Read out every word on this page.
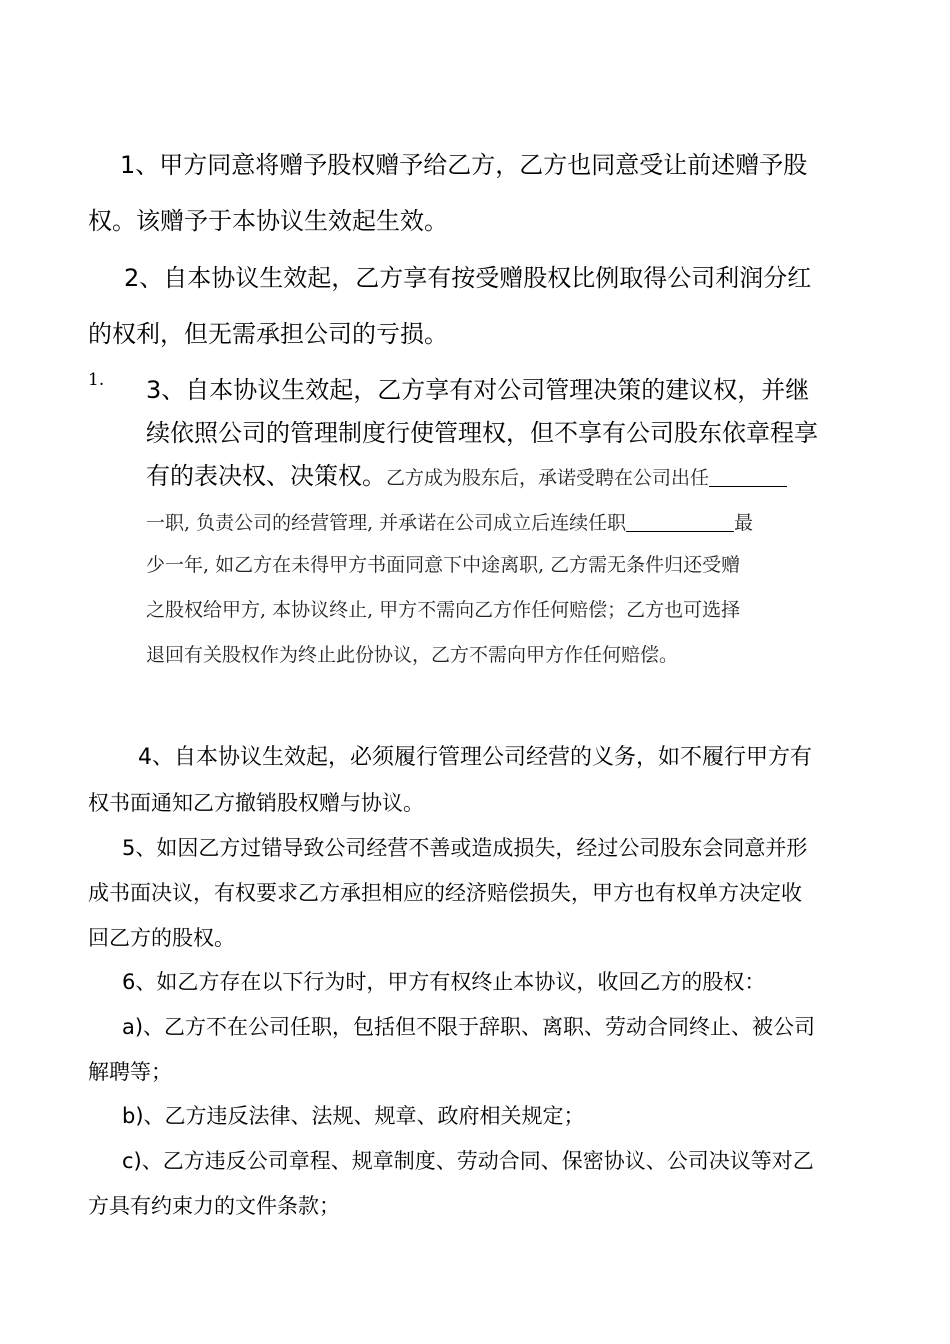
1、甲方同意将赠予股权赠予给乙方，乙方也同意受让前述赠予股

权。该赠予于本协议生效起生效。

2、自本协议生效起，乙方享有按受赠股权比例取得公司利润分红

的权利，但无需承担公司的亏损。

1. 3、自本协议生效起，乙方享有对公司管理决策的建议权，并继

续依照公司的管理制度行使管理权，但不享有公司股东依章程享

有的表决权、决策权。乙方成为股东后，承诺受聘在公司出任

一职, 负责公司的经营管理, 并承诺在公司成立后连续任职	最

少一年, 如乙方在未得甲方书面同意下中途离职, 乙方需无条件归还受赠

之股权给甲方, 本协议终止, 甲方不需向乙方作任何赔偿；乙方也可选择

退回有关股权作为终止此份协议，乙方不需向甲方作任何赔偿。

4、自本协议生效起，必须履行管理公司经营的义务，如不履行甲方有

权书面通知乙方撤销股权赠与协议。

5、如因乙方过错导致公司经营不善或造成损失，经过公司股东会同意并形

成书面决议，有权要求乙方承担相应的经济赔偿损失，甲方也有权单方决定收

回乙方的股权。

6、如乙方存在以下行为时，甲方有权终止本协议，收回乙方的股权：

a)、乙方不在公司任职，包括但不限于辞职、离职、劳动合同终止、被公司

解聘等；

b)、乙方违反法律、法规、规章、政府相关规定；

c)、乙方违反公司章程、规章制度、劳动合同、保密协议、公司决议等对乙

方具有约束力的文件条款；
